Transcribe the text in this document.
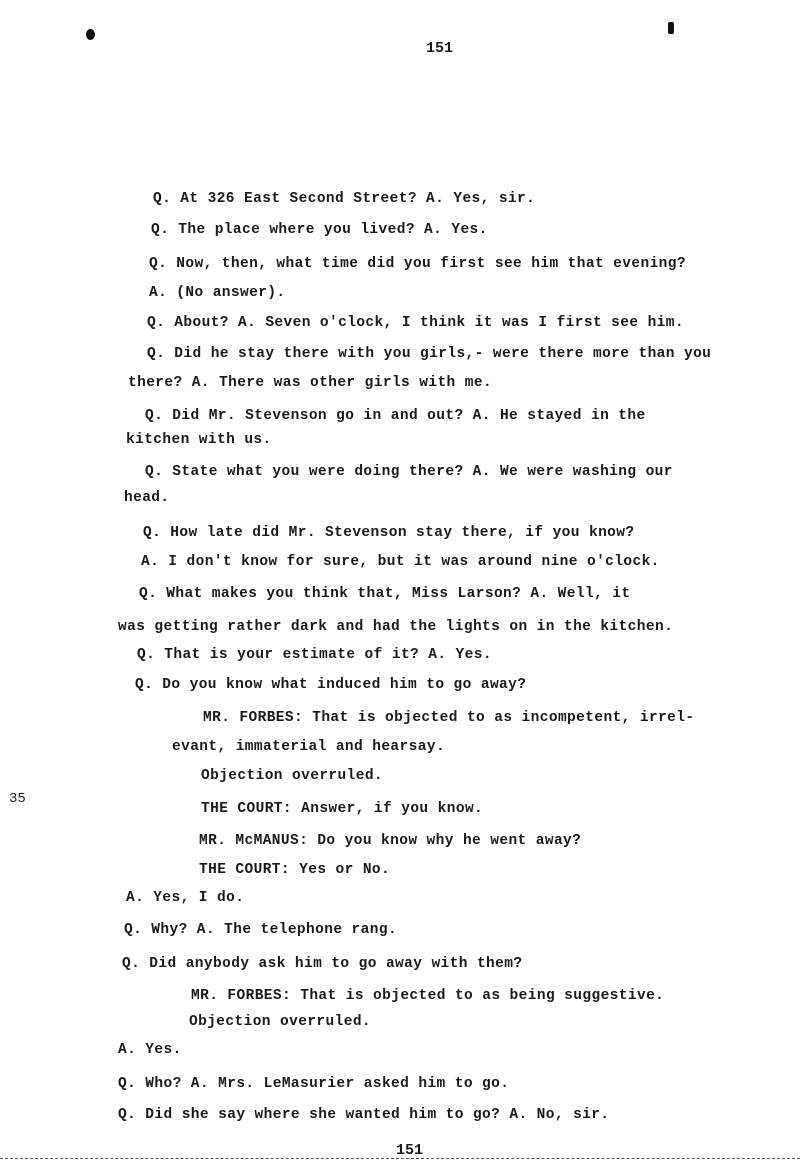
151
35
Q. At 326 East Second Street? A. Yes, sir.
Q. The place where you lived? A. Yes.
Q. Now, then, what time did you first see him that evening?
A. (No answer).
Q. About? A. Seven o'clock, I think it was I first see him.
Q. Did he stay there with you girls,- were there more than you
there? A. There was other girls with me.
Q. Did Mr. Stevenson go in and out? A. He stayed in the
kitchen with us.
Q. State what you were doing there? A. We were washing our
head.
Q. How late did Mr. Stevenson stay there, if you know?
A. I don't know for sure, but it was around nine o'clock.
Q. What makes you think that, Miss Larson? A. Well, it
was getting rather dark and had the lights on in the kitchen.
Q. That is your estimate of it? A. Yes.
Q. Do you know what induced him to go away?
MR. FORBES: That is objected to as incompetent, irrel-
evant, immaterial and hearsay.
Objection overruled.
THE COURT: Answer, if you know.
MR. McMANUS: Do you know why he went away?
THE COURT: Yes or No.
A. Yes, I do.
Q. Why? A. The telephone rang.
Q. Did anybody ask him to go away with them?
MR. FORBES: That is objected to as being suggestive.
Objection overruled.
A. Yes.
Q. Who? A. Mrs. LeMasurier asked him to go.
Q. Did she say where she wanted him to go? A. No, sir.
151
